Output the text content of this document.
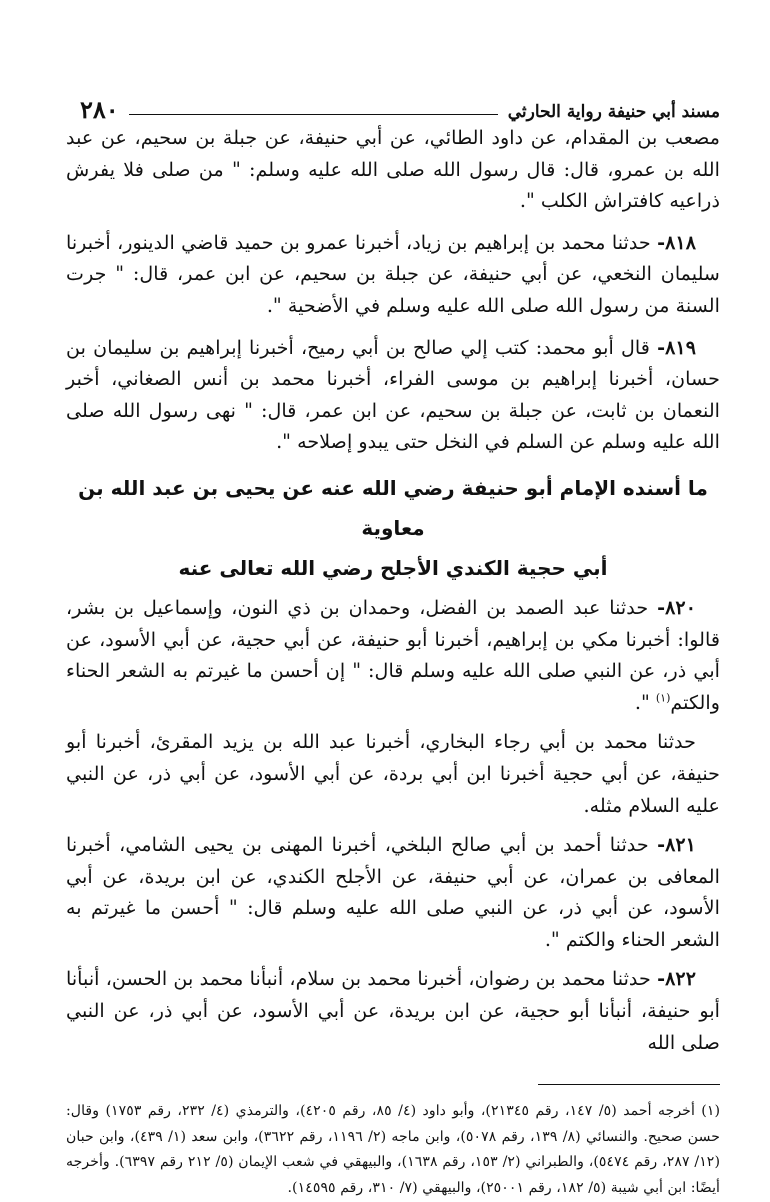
مسند أبي حنيفة رواية الحارثي
٢٨٠

مصعب بن المقدام، عن داود الطائي، عن أبي حنيفة، عن جبلة بن سحيم، عن عبد الله بن عمرو، قال: قال رسول الله صلى الله عليه وسلم: " من صلى فلا يفرش ذراعيه كافتراش الكلب ".

٨١٨- حدثنا محمد بن إبراهيم بن زياد، أخبرنا عمرو بن حميد قاضي الدينور، أخبرنا سليمان النخعي، عن أبي حنيفة، عن جبلة بن سحيم، عن ابن عمر، قال: " جرت السنة من رسول الله صلى الله عليه وسلم في الأضحية ".

٨١٩- قال أبو محمد: كتب إلي صالح بن أبي رميح، أخبرنا إبراهيم بن سليمان بن حسان، أخبرنا إبراهيم بن موسى الفراء، أخبرنا محمد بن أنس الصغاني، أخبر النعمان بن ثابت، عن جبلة بن سحيم، عن ابن عمر، قال: " نهى رسول الله صلى الله عليه وسلم عن السلم في النخل حتى يبدو إصلاحه ".

ما أسنده الإمام أبو حنيفة رضي الله عنه عن يحيى بن عبد الله بن معاوية
أبي حجية الكندي الأجلح رضي الله تعالى عنه

٨٢٠- حدثنا عبد الصمد بن الفضل، وحمدان بن ذي النون، وإسماعيل بن بشر، قالوا: أخبرنا مكي بن إبراهيم، أخبرنا أبو حنيفة، عن أبي حجية، عن أبي الأسود، عن أبي ذر، عن النبي صلى الله عليه وسلم قال: " إن أحسن ما غيرتم به الشعر الحناء والكتم$^{(١)}$ ".

حدثنا محمد بن أبي رجاء البخاري، أخبرنا عبد الله بن يزيد المقرئ، أخبرنا أبو حنيفة، عن أبي حجية أخبرنا ابن أبي بردة، عن أبي الأسود، عن أبي ذر، عن النبي عليه السلام مثله.

٨٢١- حدثنا أحمد بن أبي صالح البلخي، أخبرنا المهنى بن يحيى الشامي، أخبرنا المعافى بن عمران، عن أبي حنيفة، عن الأجلح الكندي، عن ابن بريدة، عن أبي الأسود، عن أبي ذر، عن النبي صلى الله عليه وسلم قال: " أحسن ما غيرتم به الشعر الحناء والكتم ".

٨٢٢- حدثنا محمد بن رضوان، أخبرنا محمد بن سلام، أنبأنا محمد بن الحسن، أنبأنا أبو حنيفة، أنبأنا أبو حجية، عن ابن بريدة، عن أبي الأسود، عن أبي ذر، عن النبي صلى الله

(١) أخرجه أحمد (٥/ ١٤٧، رقم ٢١٣٤٥)، وأبو داود (٤/ ٨٥، رقم ٤٢٠٥)، والترمذي (٤/ ٢٣٢، رقم ١٧٥٣) وقال: حسن صحيح. والنسائي (٨/ ١٣٩، رقم ٥٠٧٨)، وابن ماجه (٢/ ١١٩٦، رقم ٣٦٢٢)، وابن سعد (١/ ٤٣٩)، وابن حبان (١٢/ ٢٨٧، رقم ٥٤٧٤)، والطبراني (٢/ ١٥٣، رقم ١٦٣٨)، والبيهقي في شعب الإيمان (٥/ ٢١٢ رقم ٦٣٩٧). وأخرجه أيضًا: ابن أبي شيبة (٥/ ١٨٢، رقم ٢٥٠٠١)، والبيهقي (٧/ ٣١٠، رقم ١٤٥٩٥).
